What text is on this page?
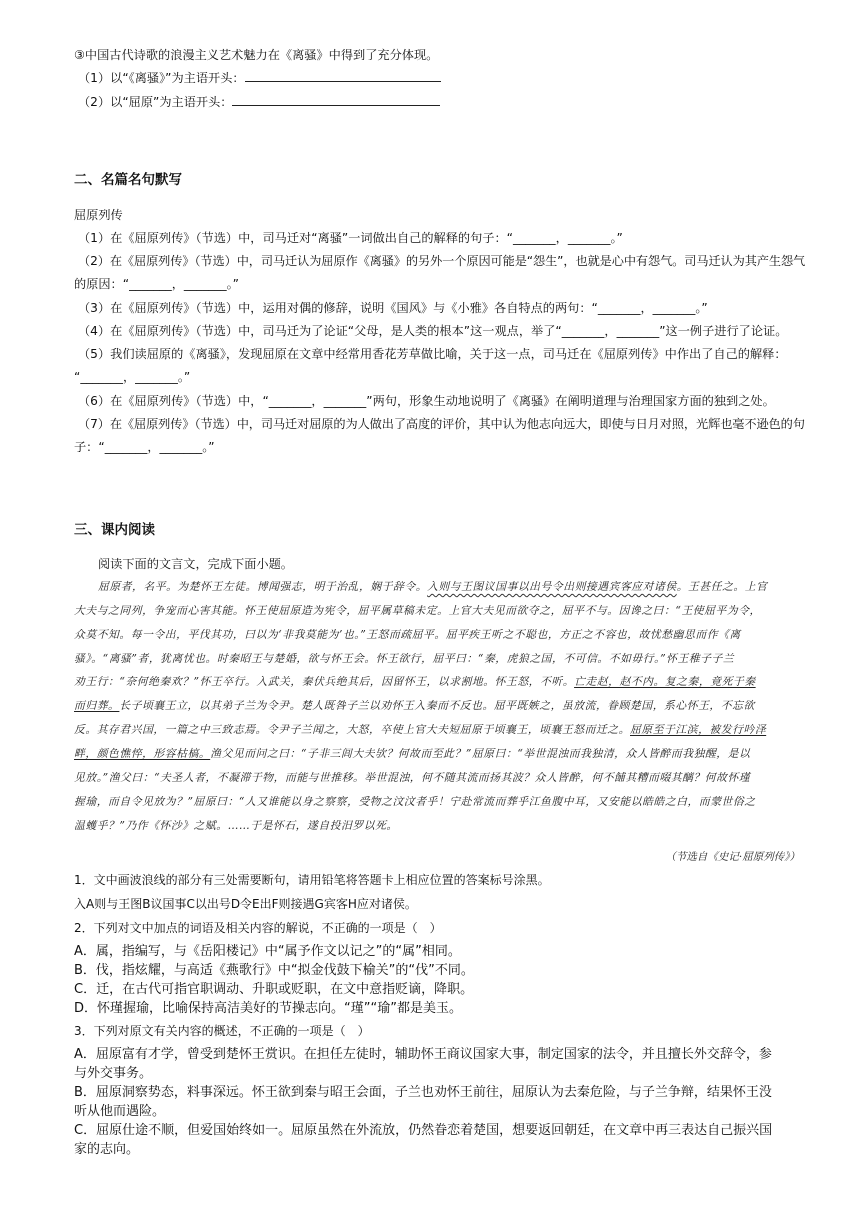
③中国古代诗歌的浪漫主义艺术魅力在《离骚》中得到了充分体现。
（1）以“《离骚》”为主语开头：
（2）以“屈原”为主语开头：
二、名篇名句默写
屈原列传
（1）在《屈原列传》（节选）中，司马迁对“离骚”一词做出自己的解释的句子：“_______，_______。”
（2）在《屈原列传》（节选）中，司马迁认为屈原作《离骚》的另外一个原因可能是“怨生”，也就是心中有怨气。司马迁认为其产生怨气
的原因：“_______，_______。”
（3）在《屈原列传》（节选）中，运用对偶的修辞，说明《国风》与《小雅》各自特点的两句：“_______，_______。”
（4）在《屈原列传》（节选）中，司马迁为了论证“父母，是人类的根本”这一观点，举了“_______，_______”这一例子进行了论证。
（5）我们读屈原的《离骚》，发现屈原在文章中经常用香花芳草做比喻，关于这一点，司马迁在《屈原列传》中作出了自己的解释：
“_______，_______。”
（6）在《屈原列传》（节选）中，“_______，_______”两句，形象生动地说明了《离骚》在阐明道理与治理国家方面的独到之处。
（7）在《屈原列传》（节选）中，司马迁对屈原的为人做出了高度的评价，其中认为他志向远大，即使与日月对照，光辉也毫不逊色的句
子：“_______，_______。”
三、课内阅读
阅读下面的文言文，完成下面小题。
屈原者，名平。为楚怀王左徒。博闻强志，明于治乱，娴于辞令。入则与王图议国事以出号令出则接遇宾客应对诸侯。王甚任之。上官
大夫与之同列，争宠而心害其能。怀王使屈原造为宪令，屈平属草稿未定。上官大夫见而欲夺之，屈平不与。因谗之曰：“王使屈平为令，
众莫不知。每一令出，平伐其功，曰以为‘非我莫能为’也。”王怒而疏屈平。屈平疾王听之不聪也，方正之不容也，故忧愁幽思而作《离
骚》。“离骚”者，犹离忧也。时秦昭王与楚婚，欲与怀王会。怀王欲行，屈平曰：“秦，虎狼之国，不可信。不如毋行。”怀王稚子子兰
劝王行：“奈何绝秦欢？”怀王卒行。入武关，秦伏兵绝其后，因留怀王，以求割地。怀王怒，不听。亡走赵，赵不内。复之秦，竟死于秦
而归葬。长子顷襄王立，以其弟子兰为令尹。楚人既咎子兰以劝怀王入秦而不反也。屈平既嫉之，虽放流，眷顾楚国，系心怀王，不忘欲
反。其存君兴国，一篇之中三致志焉。令尹子兰闻之，大怒，卒使上官大夫短屈原于顷襄王，顷襄王怒而迁之。屈原至于江滨，被发行吟泽
畔，颜色憔悴，形容枯槁。渔父见而问之曰：“子非三闾大夫欤？何故而至此？”屈原曰：“举世混浊而我独清，众人皆醉而我独醒，是以
见放。”渔父曰：“夫圣人者，不凝滞于物，而能与世推移。举世混浊，何不随其流而扬其波？众人皆醉，何不餔其糟而啜其醨？何故怀瑾
握瑜，而自令见放为？”屈原曰：“人又谁能以身之察察，受物之汶汶者乎！宁赴常流而葬乎江鱼腹中耳，又安能以皓皓之白，而蒙世俗之
温蠖乎？”乃作《怀沙》之赋。……于是怀石，遂自投汨罗以死。
（节选自《史记·屈原列传》）
1．文中画波浪线的部分有三处需要断句，请用铅笔将答题卡上相应位置的答案标号涂黑。
入A则与王图B议国事C以出号D令E出F则接遇G宾客H应对诸侯。
2．下列对文中加点的词语及相关内容的解说，不正确的一项是（　）
A．属，指编写，与《岳阳楼记》中“属予作文以记之”的“属”相同。
B．伐，指炫耀，与高适《燕歌行》中“拟金伐鼓下榆关”的“伐”不同。
C．迁，在古代可指官职调动、升职或贬职，在文中意指贬谪，降职。
D．怀瑾握瑜，比喻保持高洁美好的节操志向。“瑾”“瑜”都是美玉。
3．下列对原文有关内容的概述，不正确的一项是（　）
A．屈原富有才学，曾受到楚怀王赏识。在担任左徒时，辅助怀王商议国家大事，制定国家的法令，并且擅长外交辞令，参
与外交事务。
B．屈原洞察势态，料事深远。怀王欲到秦与昭王会面，子兰也劝怀王前往，屈原认为去秦危险，与子兰争辩，结果怀王没
听从他而遇险。
C．屈原仕途不顺，但爱国始终如一。屈原虽然在外流放，仍然眷恋着楚国，想要返回朝廷，在文章中再三表达自己振兴国
家的志向。
